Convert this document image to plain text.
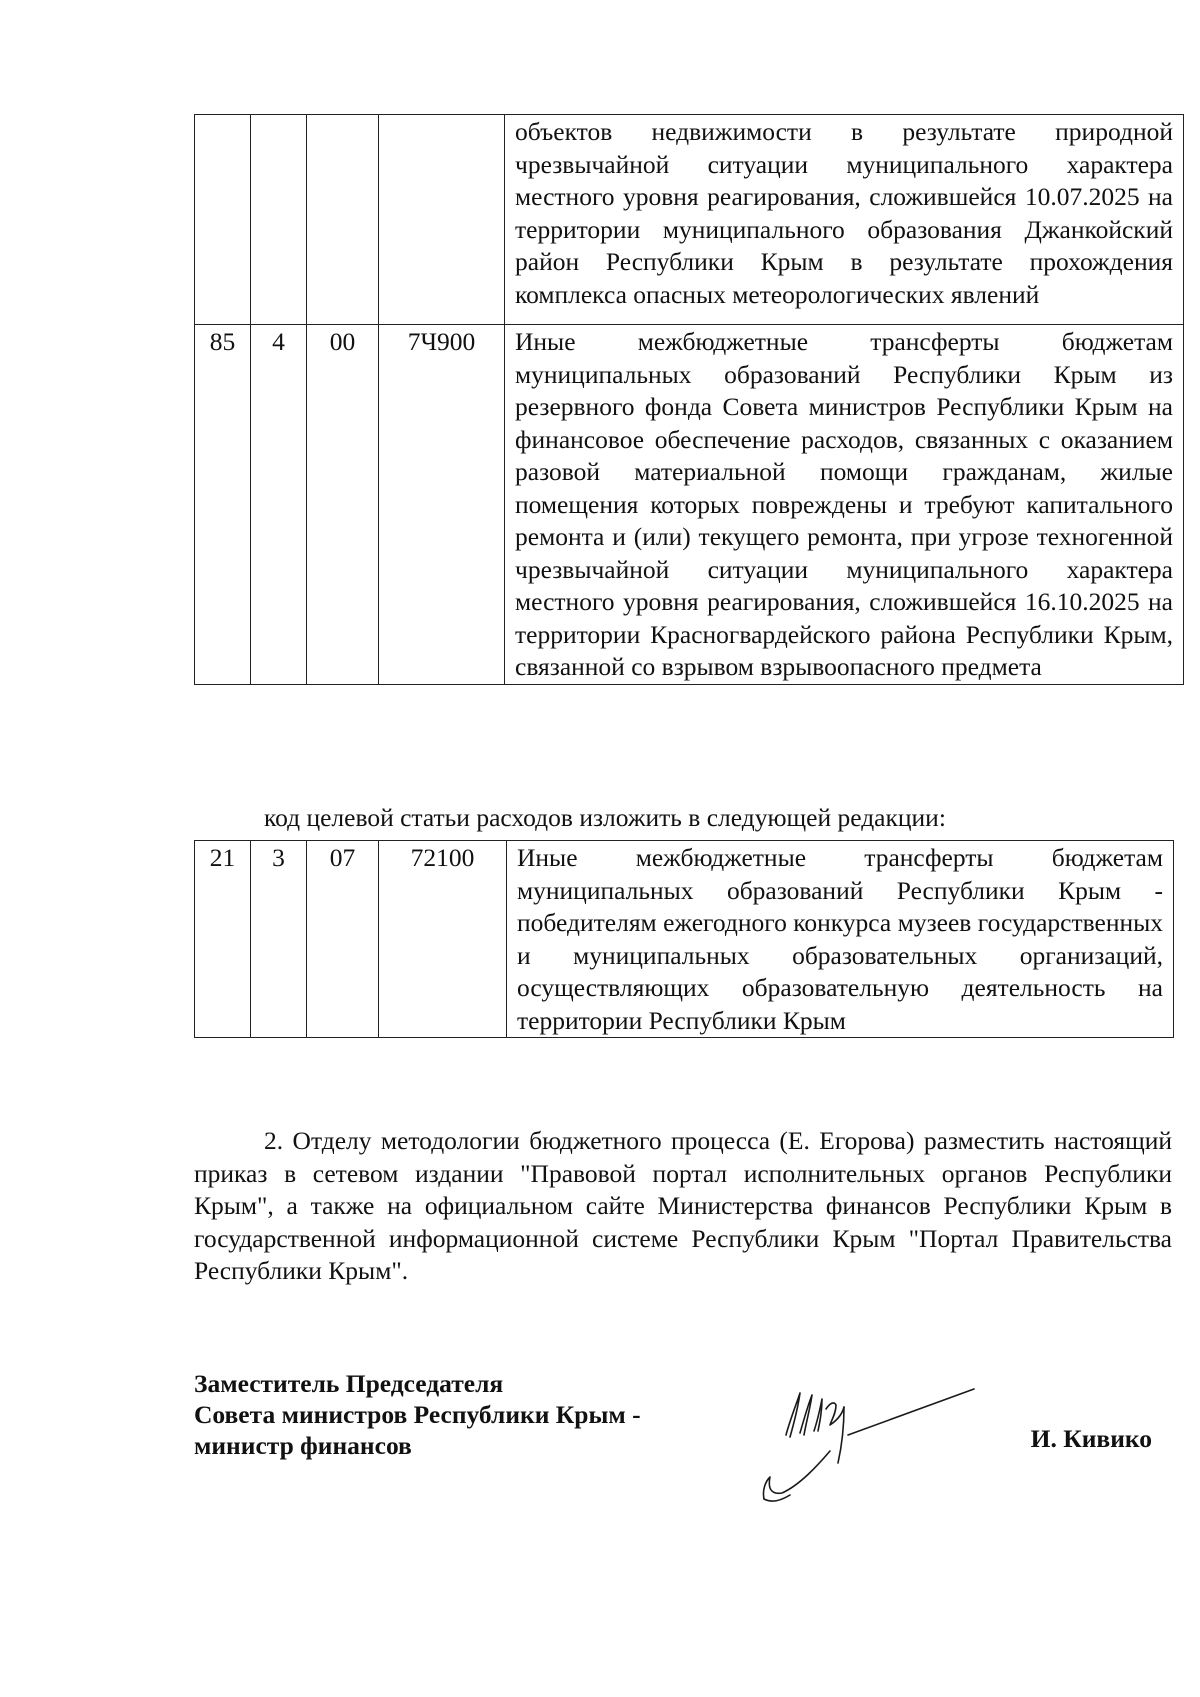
				объектов недвижимости в результате природной чрезвычайной ситуации муниципального характера местного уровня реагирования, сложившейся 10.07.2025 на территории муниципального образования Джанкойский район Республики Крым в результате прохождения комплекса опасных метеорологических явлений
85	4	00	7Ч900	Иные межбюджетные трансферты бюджетам муниципальных образований Республики Крым из резервного фонда Совета министров Республики Крым на финансовое обеспечение расходов, связанных с оказанием разовой материальной помощи гражданам, жилые помещения которых повреждены и требуют капитального ремонта и (или) текущего ремонта, при угрозе техногенной чрезвычайной ситуации муниципального характера местного уровня реагирования, сложившейся 16.10.2025 на территории Красногвардейского района Республики Крым, связанной со взрывом взрывоопасного предмета
код целевой статьи расходов изложить в следующей редакции:
21	3	07	72100	Иные межбюджетные трансферты бюджетам муниципальных образований Республики Крым - победителям ежегодного конкурса музеев государственных и муниципальных образовательных организаций, осуществляющих образовательную деятельность на территории Республики Крым
2. Отделу методологии бюджетного процесса (Е. Егорова) разместить настоящий приказ в сетевом издании "Правовой портал исполнительных органов Республики Крым", а также на официальном сайте Министерства финансов Республики Крым в государственной информационной системе Республики Крым "Портал Правительства Республики Крым".
Заместитель Председателя
Совета министров Республики Крым -
министр финансов	И. Кивико
